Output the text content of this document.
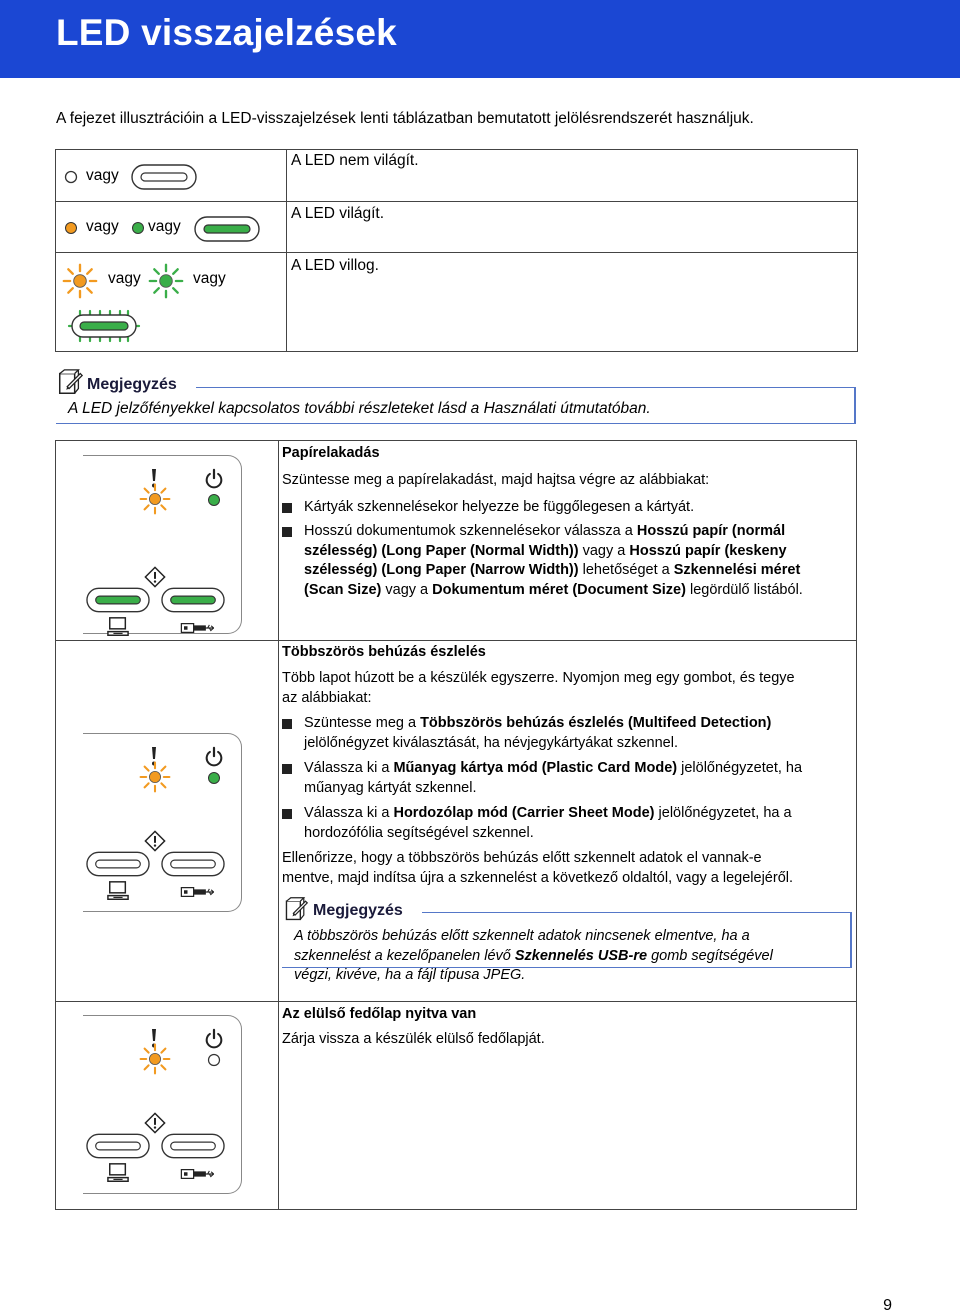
LED visszajelzések
A fejezet illusztrációin a LED-visszajelzések lenti táblázatban bemutatott jelölésrendszerét használjuk.
vagy
A LED nem világít.
vagy vagy
A LED világít.
vagy	vagy
A LED villog.
Megjegyzés
A LED jelzőfényekkel kapcsolatos további részleteket lásd a Használati útmutatóban.
Papírelakadás
Szüntesse meg a papírelakadást, majd hajtsa végre az alábbiakat:
Kártyák szkennelésekor helyezze be függőlegesen a kártyát.
Hosszú dokumentumok szkennelésekor válassza a Hosszú papír (normál
szélesség) (Long Paper (Normal Width)) vagy a Hosszú papír (keskeny
szélesség) (Long Paper (Narrow Width)) lehetőséget a Szkennelési méret
(Scan Size) vagy a Dokumentum méret (Document Size) legördülő listából.
Többszörös behúzás észlelés
Több lapot húzott be a készülék egyszerre. Nyomjon meg egy gombot, és tegye
az alábbiakat:
Szüntesse meg a Többszörös behúzás észlelés (Multifeed Detection)
jelölőnégyzet kiválasztását, ha névjegykártyákat szkennel.
Válassza ki a Műanyag kártya mód (Plastic Card Mode) jelölőnégyzetet, ha
műanyag kártyát szkennel.
Válassza ki a Hordozólap mód (Carrier Sheet Mode) jelölőnégyzetet, ha a
hordozófólia segítségével szkennel.
Ellenőrizze, hogy a többszörös behúzás előtt szkennelt adatok el vannak-e
mentve, majd indítsa újra a szkennelést a következő oldaltól, vagy a legelejéről.
Megjegyzés
A többszörös behúzás előtt szkennelt adatok nincsenek elmentve, ha a
szkennelést a kezelőpanelen lévő Szkennelés USB-re gomb segítségével
végzi, kivéve, ha a fájl típusa JPEG.
Az elülső fedőlap nyitva van
Zárja vissza a készülék elülső fedőlapját.
9
